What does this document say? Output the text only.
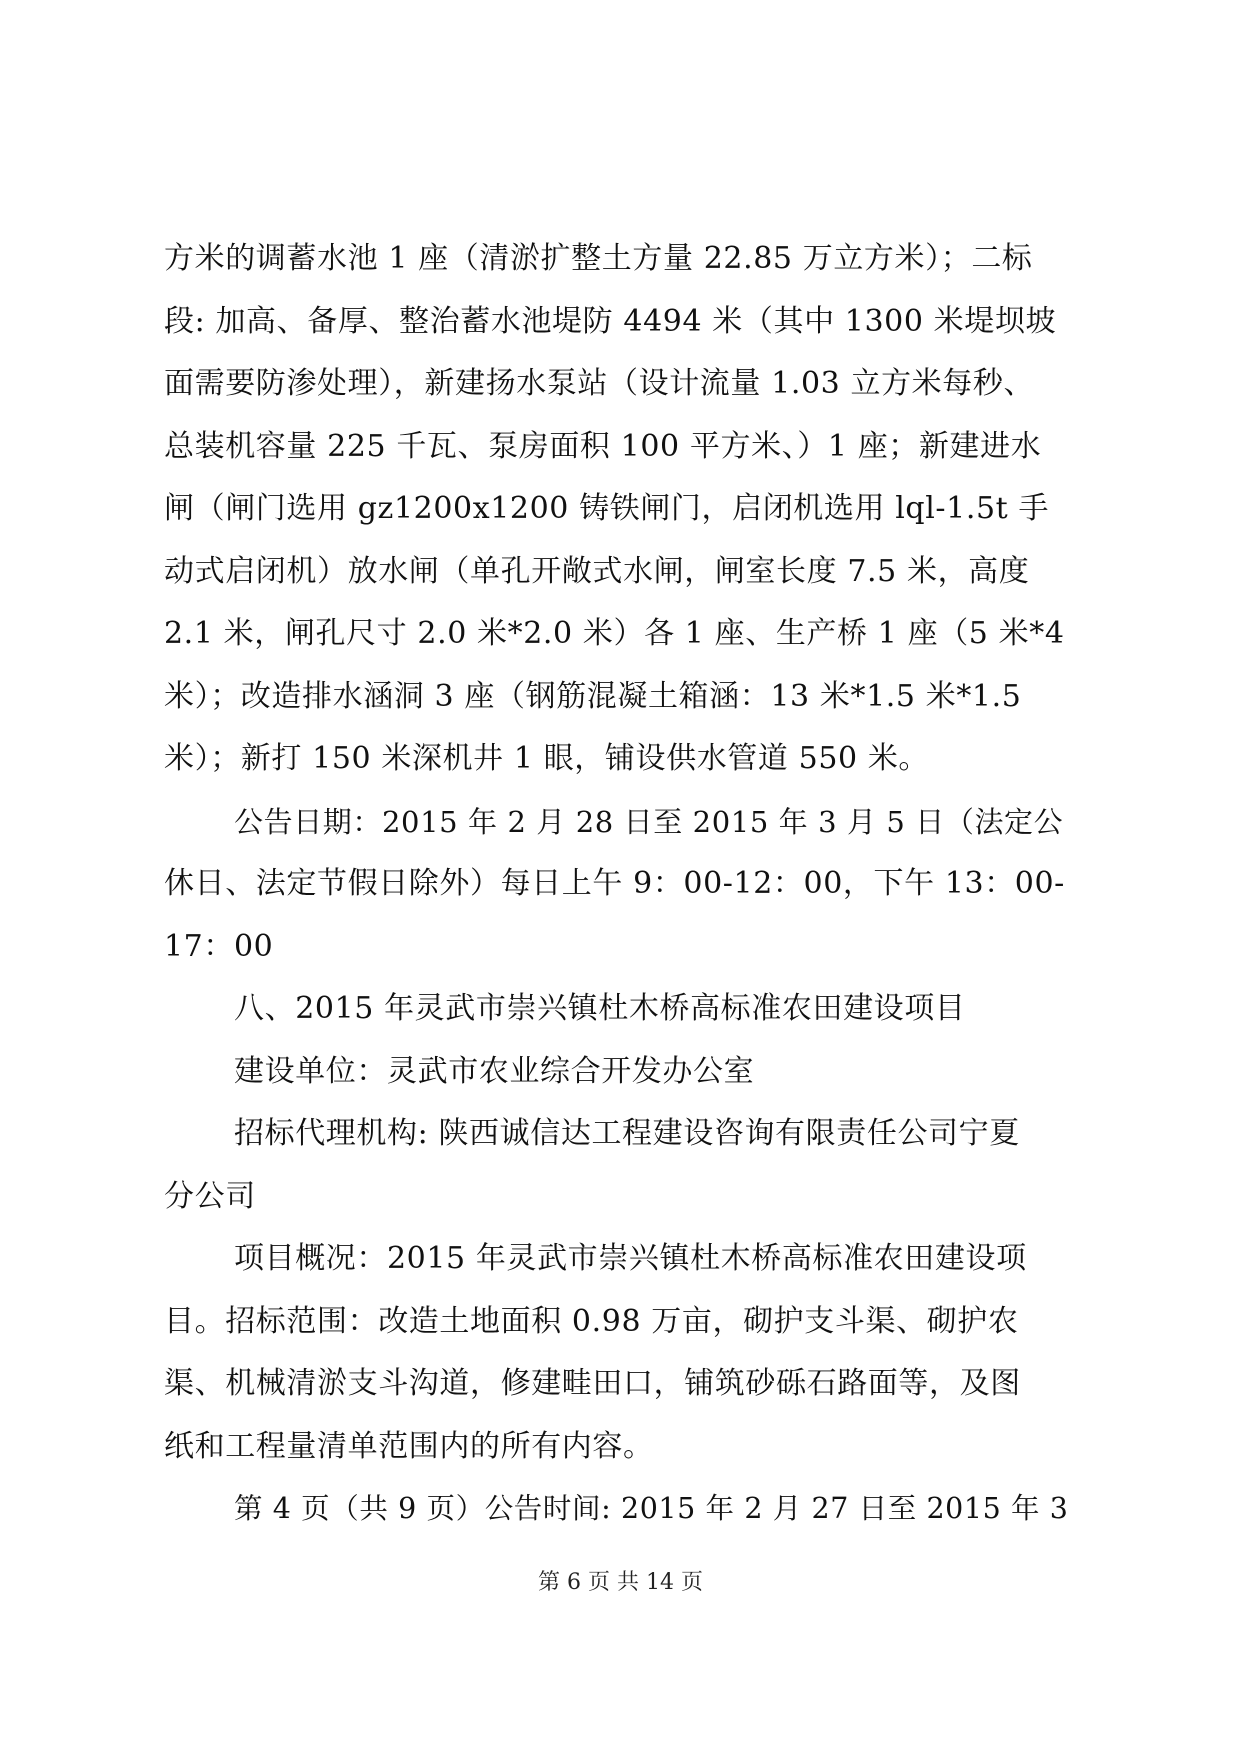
方米的调蓄水池 1 座（清淤扩整土方量 22.85 万立方米）；二标
段: 加高、备厚、整治蓄水池堤防 4494 米（其中 1300 米堤坝坡
面需要防渗处理），新建扬水泵站（设计流量 1.03 立方米每秒、
总装机容量 225 千瓦、泵房面积 100 平方米、）1 座；新建进水
闸（闸门选用 gz1200x1200 铸铁闸门，启闭机选用 lql-1.5t 手
动式启闭机）放水闸（单孔开敞式水闸，闸室长度 7.5 米，高度
2.1 米，闸孔尺寸 2.0 米*2.0 米）各 1 座、生产桥 1 座（5 米*4
米）；改造排水涵洞 3 座（钢筋混凝土箱涵：13 米*1.5 米*1.5
米）；新打 150 米深机井 1 眼，铺设供水管道 550 米。
公告日期：2015 年 2 月 28 日至 2015 年 3 月 5 日（法定公
休日、法定节假日除外）每日上午 9：00-12：00，下午 13：00-
17：00
八、2015 年灵武市崇兴镇杜木桥高标准农田建设项目
建设单位：灵武市农业综合开发办公室
招标代理机构: 陕西诚信达工程建设咨询有限责任公司宁夏
分公司
项目概况：2015 年灵武市崇兴镇杜木桥高标准农田建设项
目。招标范围：改造土地面积 0.98 万亩，砌护支斗渠、砌护农
渠、机械清淤支斗沟道，修建畦田口，铺筑砂砾石路面等，及图
纸和工程量清单范围内的所有内容。
第 4 页（共 9 页）公告时间: 2015 年 2 月 27 日至 2015 年 3
第 6 页 共 14 页
